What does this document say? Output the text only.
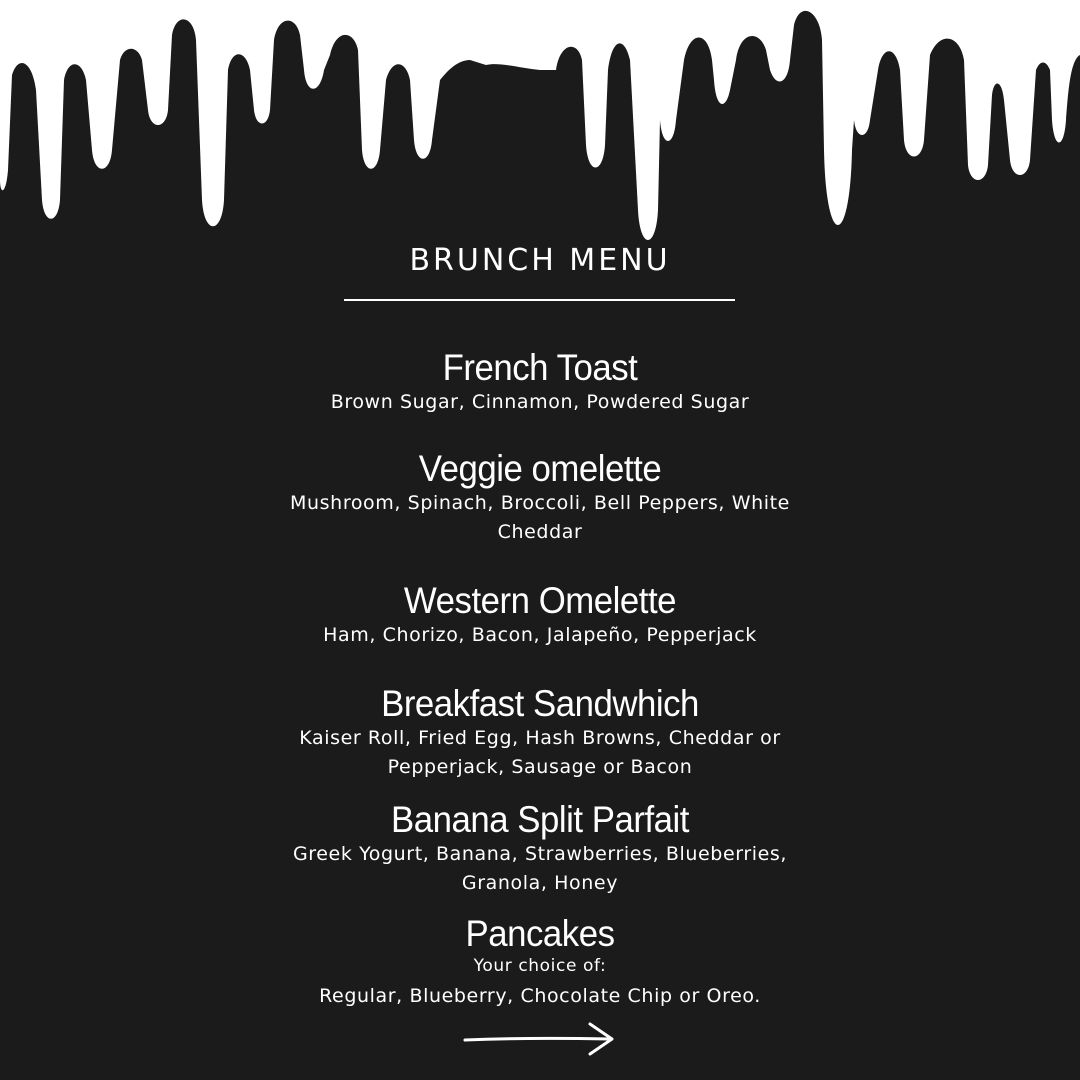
BRUNCH MENU
French Toast
Brown Sugar, Cinnamon, Powdered Sugar
Veggie omelette
Mushroom, Spinach, Broccoli, Bell Peppers, White Cheddar
Western Omelette
Ham, Chorizo, Bacon, Jalapeño, Pepperjack
Breakfast Sandwhich
Kaiser Roll, Fried Egg, Hash Browns, Cheddar or Pepperjack, Sausage or Bacon
Banana Split Parfait
Greek Yogurt, Banana, Strawberries, Blueberries, Granola, Honey
Pancakes
Your choice of:
Regular, Blueberry, Chocolate Chip or Oreo.
